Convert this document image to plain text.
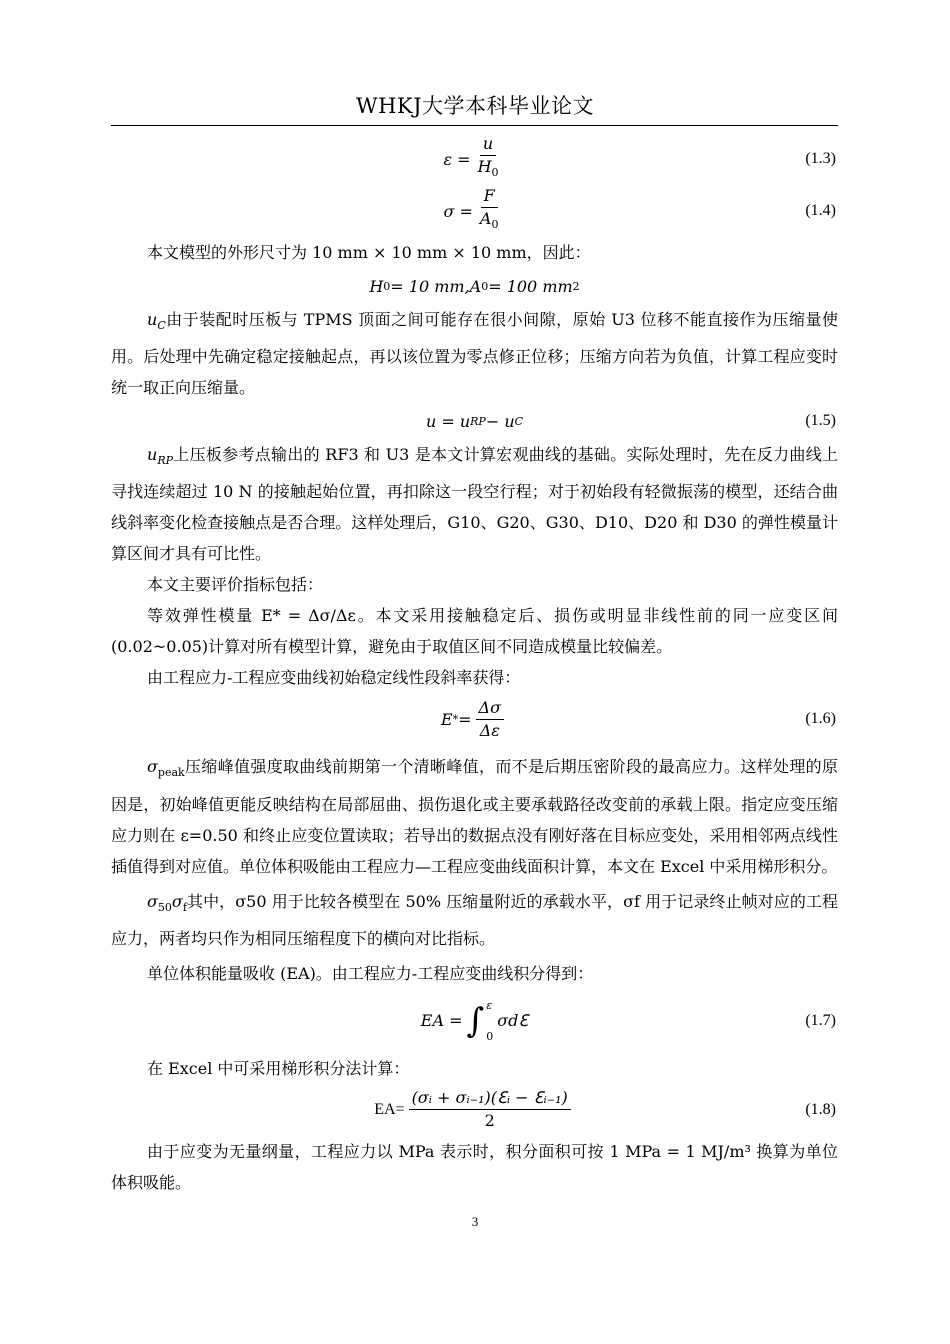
WHKJ大学本科毕业论文
$\varepsilon = \frac{u}{H_0}$	(1.3)
$\sigma = \frac{F}{A_0}$	(1.4)

本文模型的外形尺寸为 10 mm × 10 mm × 10 mm，因此：

H 0 = 10 mm, A 0 = 100 mm 2

$u_C$由于装配时压板与 TPMS 顶面之间可能存在很小间隙，原始 U3 位移不能直接作为压缩量使用。后处理中先确定稳定接触起点，再以该位置为零点修正位移；压缩方向若为负值，计算工程应变时统一取正向压缩量。

u = u RP − u C	(1.5)

$u_{RP}$上压板参考点输出的 RF3 和 U3 是本文计算宏观曲线的基础。实际处理时，先在反力曲线上寻找连续超过 10 N 的接触起始位置，再扣除这一段空行程；对于初始段有轻微振荡的模型，还结合曲线斜率变化检查接触点是否合理。这样处理后，G10、G20、G30、D10、D20 和 D30 的弹性模量计算区间才具有可比性。

本文主要评价指标包括：

等效弹性模量 E* = Δσ/Δε。本文采用接触稳定后、损伤或明显非线性前的同一应变区间(0.02~0.05)计算对所有模型计算，避免由于取值区间不同造成模量比较偏差。

由工程应力-工程应变曲线初始稳定线性段斜率获得：

E * = $\frac{\Delta\sigma}{\Delta\varepsilon}$	(1.6)

$\sigma_{peak}$压缩峰值强度取曲线前期第一个清晰峰值，而不是后期压密阶段的最高应力。这样处理的原因是，初始峰值更能反映结构在局部屈曲、损伤退化或主要承载路径改变前的承载上限。指定应变压缩应力则在 ε=0.50 和终止应变位置读取；若导出的数据点没有刚好落在目标应变处，采用相邻两点线性插值得到对应值。单位体积吸能由工程应力—工程应变曲线面积计算，本文在 Excel 中采用梯形积分。

$\sigma_{50}\sigma_f$其中，σ50 用于比较各模型在 50% 压缩量附近的承载水平，σf 用于记录终止帧对应的工程应力，两者均只作为相同压缩程度下的横向对比指标。

单位体积能量吸收 (EA)。由工程应力-工程应变曲线积分得到：

EA = ∫ ε
0
σdℇ	(1.7)

在 Excel 中可采用梯形积分法计算：

$EA= \frac{\text{(σᵢ + σᵢ₋₁)(ℇᵢ − ℇᵢ₋₁)}}{2}$	(1.8)

由于应变为无量纲量，工程应力以 MPa 表示时，积分面积可按 1 MPa = 1 MJ/m³ 换算为单位体积吸能。

3
